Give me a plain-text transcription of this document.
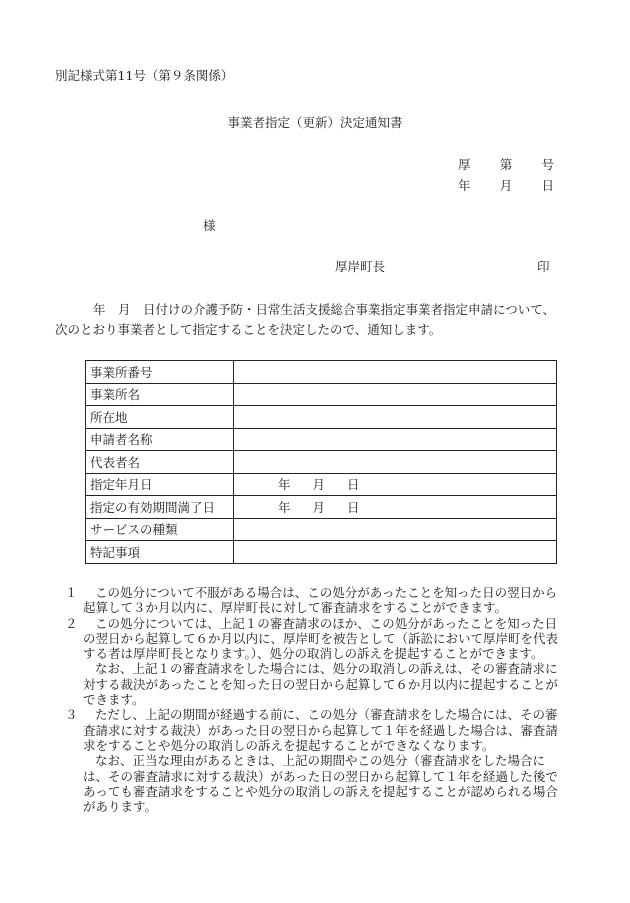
別記様式第11号（第９条関係）
事業者指定（更新）決定通知書
厚 第 号
年 月 日
様
厚岸町長	印
年　月　日付けの介護予防・日常生活支援総合事業指定事業者指定申請について、次のとおり事業者として指定することを決定したので、通知します。
事業所番号	
事業所名	
所在地	
申請者名称	
代表者名	
指定年月日	年 月 日

指定の有効期間満了日	年 月 日

サービスの種類	
特記事項	
１	この処分について不服がある場合は、この処分があったことを知った日の翌日から起算して３か月以内に、厚岸町長に対して審査請求をすることができます。
２	この処分については、上記１の審査請求のほか、この処分があったことを知った日の翌日から起算して６か月以内に、厚岸町を被告として（訴訟において厚岸町を代表する者は厚岸町長となります。）、処分の取消しの訴えを提起することができます。
なお、上記１の審査請求をした場合には、処分の取消しの訴えは、その審査請求に対する裁決があったことを知った日の翌日から起算して６か月以内に提起することができます。
３	ただし、上記の期間が経過する前に、この処分（審査請求をした場合には、その審査請求に対する裁決）があった日の翌日から起算して１年を経過した場合は、審査請求をすることや処分の取消しの訴えを提起することができなくなります。
なお、正当な理由があるときは、上記の期間やこの処分（審査請求をした場合には、その審査請求に対する裁決）があった日の翌日から起算して１年を経過した後であっても審査請求をすることや処分の取消しの訴えを提起することが認められる場合があります。
